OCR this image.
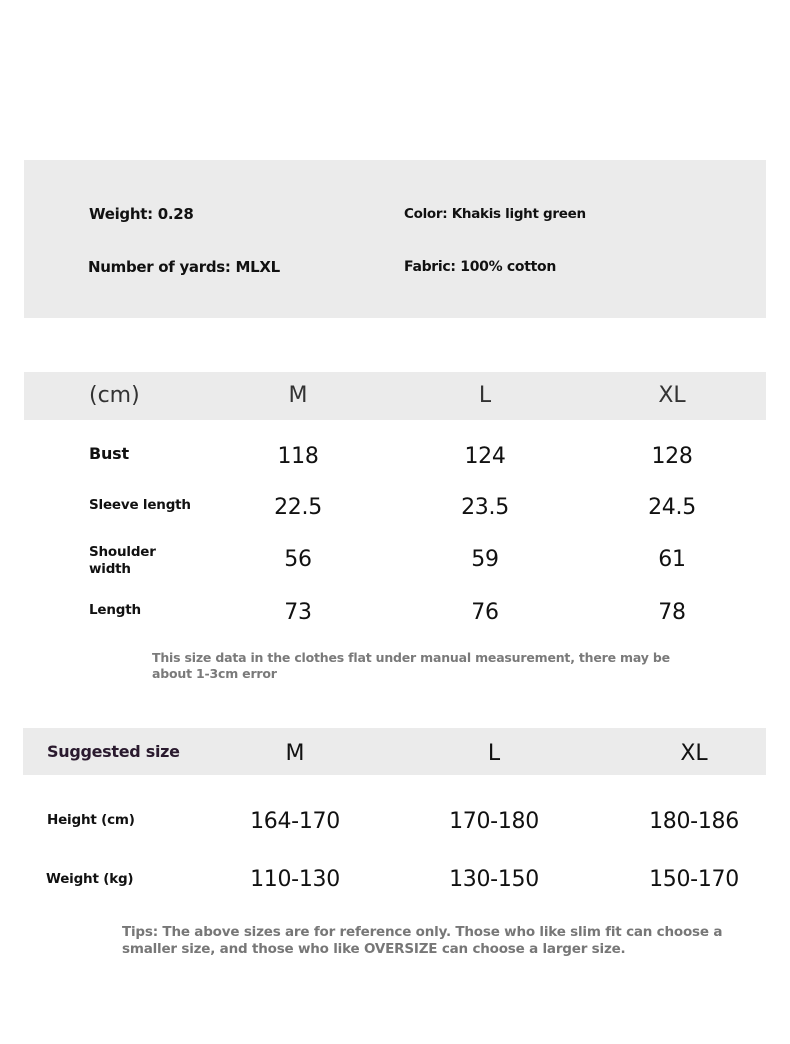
Weight: 0.28	Color: Khakis light green
Number of yards: MLXL	Fabric: 100% cotton
(cm)	M	L	XL
Bust	118	124	128
Sleeve length	22.5	23.5	24.5
Shoulder
width	56	59	61
Length	73	76	78
This size data in the clothes flat under manual measurement, there may be
about 1-3cm error
Suggested size	M	L	XL
Height (cm)	164-170	170-180	180-186
Weight (kg)	110-130	130-150	150-170
Tips: The above sizes are for reference only. Those who like slim fit can choose a
smaller size, and those who like OVERSIZE can choose a larger size.
